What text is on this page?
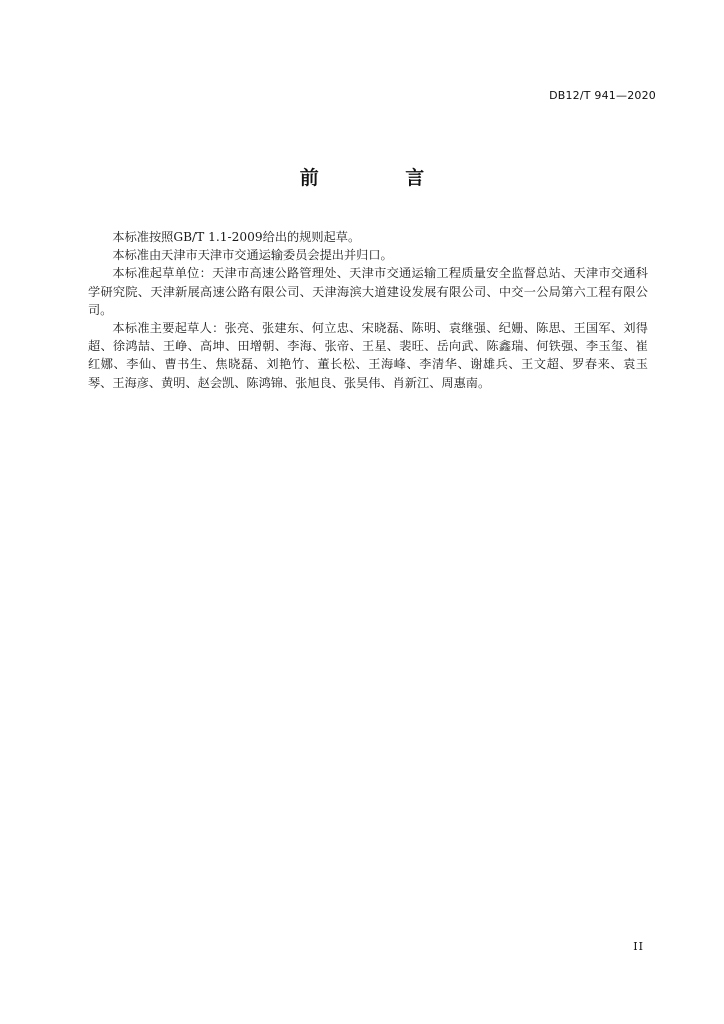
DB12/T 941—2020
前 言

本标准按照GB/T 1.1-2009给出的规则起草。

本标准由天津市天津市交通运输委员会提出并归口。

本标准起草单位：天津市高速公路管理处、天津市交通运输工程质量安全监督总站、天津市交通科学研究院、天津新展高速公路有限公司、天津海滨大道建设发展有限公司、中交一公局第六工程有限公司。

本标准主要起草人：张亮、张建东、何立忠、宋晓磊、陈明、袁继强、纪姗、陈思、王国军、刘得超、徐鸿喆、王峥、高坤、田增朝、李海、张帝、王星、裴旺、岳向武、陈鑫瑞、何铁强、李玉玺、崔红娜、李仙、曹书生、焦晓磊、刘艳竹、董长松、王海峰、李清华、谢雄兵、王文超、罗春来、袁玉琴、王海彦、黄明、赵会凯、陈鸿锦、张旭良、张昊伟、肖新江、周惠南。

II
